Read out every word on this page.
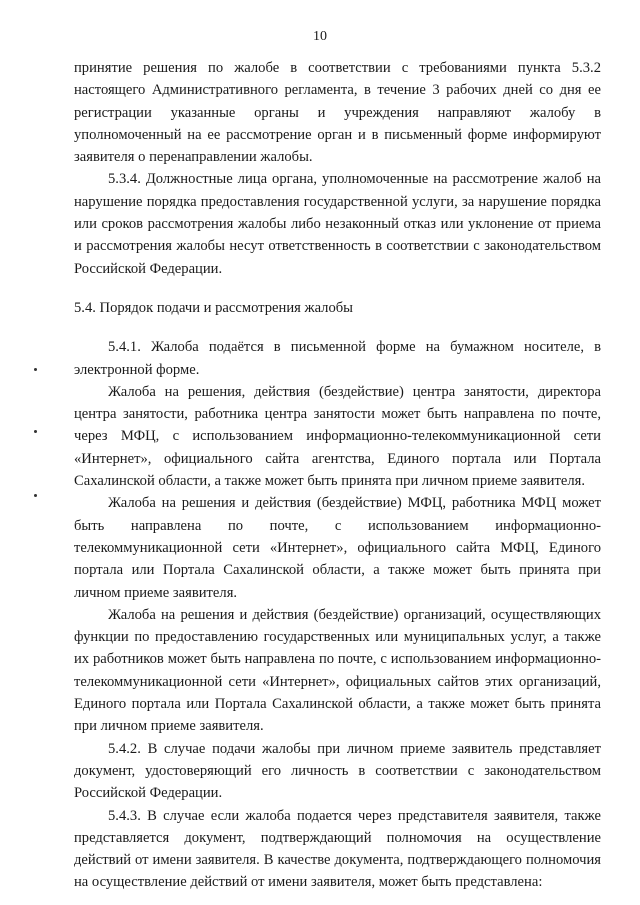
10

принятие решения по жалобе в соответствии с требованиями пункта 5.3.2 настоящего Административного регламента, в течение 3 рабочих дней со дня ее регистрации указанные органы и учреждения направляют жалобу в уполномоченный на ее рассмотрение орган и в письменный форме информируют заявителя о перенаправлении жалобы.

5.3.4. Должностные лица органа, уполномоченные на рассмотрение жалоб на нарушение порядка предоставления государственной услуги, за нарушение порядка или сроков рассмотрения жалобы либо незаконный отказ или уклонение от приема и рассмотрения жалобы несут ответственность в соответствии с законодательством Российской Федерации.

5.4. Порядок подачи и рассмотрения жалобы

5.4.1. Жалоба подаётся в письменной форме на бумажном носителе, в электронной форме.

Жалоба на решения, действия (бездействие) центра занятости, директора центра занятости, работника центра занятости может быть направлена по почте, через МФЦ, с использованием информационно-телекоммуникационной сети «Интернет», официального сайта агентства, Единого портала или Портала Сахалинской области, а также может быть принята при личном приеме заявителя.

Жалоба на решения и действия (бездействие) МФЦ, работника МФЦ может быть направлена по почте, с использованием информационно-телекоммуникационной сети «Интернет», официального сайта МФЦ, Единого портала или Портала Сахалинской области, а также может быть принята при личном приеме заявителя.

Жалоба на решения и действия (бездействие) организаций, осуществляющих функции по предоставлению государственных или муниципальных услуг, а также их работников может быть направлена по почте, с использованием информационно-телекоммуникационной сети «Интернет», официальных сайтов этих организаций, Единого портала или Портала Сахалинской области, а также может быть принята при личном приеме заявителя.

5.4.2. В случае подачи жалобы при личном приеме заявитель представляет документ, удостоверяющий его личность в соответствии с законодательством Российской Федерации.

5.4.3. В случае если жалоба подается через представителя заявителя, также представляется документ, подтверждающий полномочия на осуществление действий от имени заявителя. В качестве документа, подтверждающего полномочия на осуществление действий от имени заявителя, может быть представлена:
